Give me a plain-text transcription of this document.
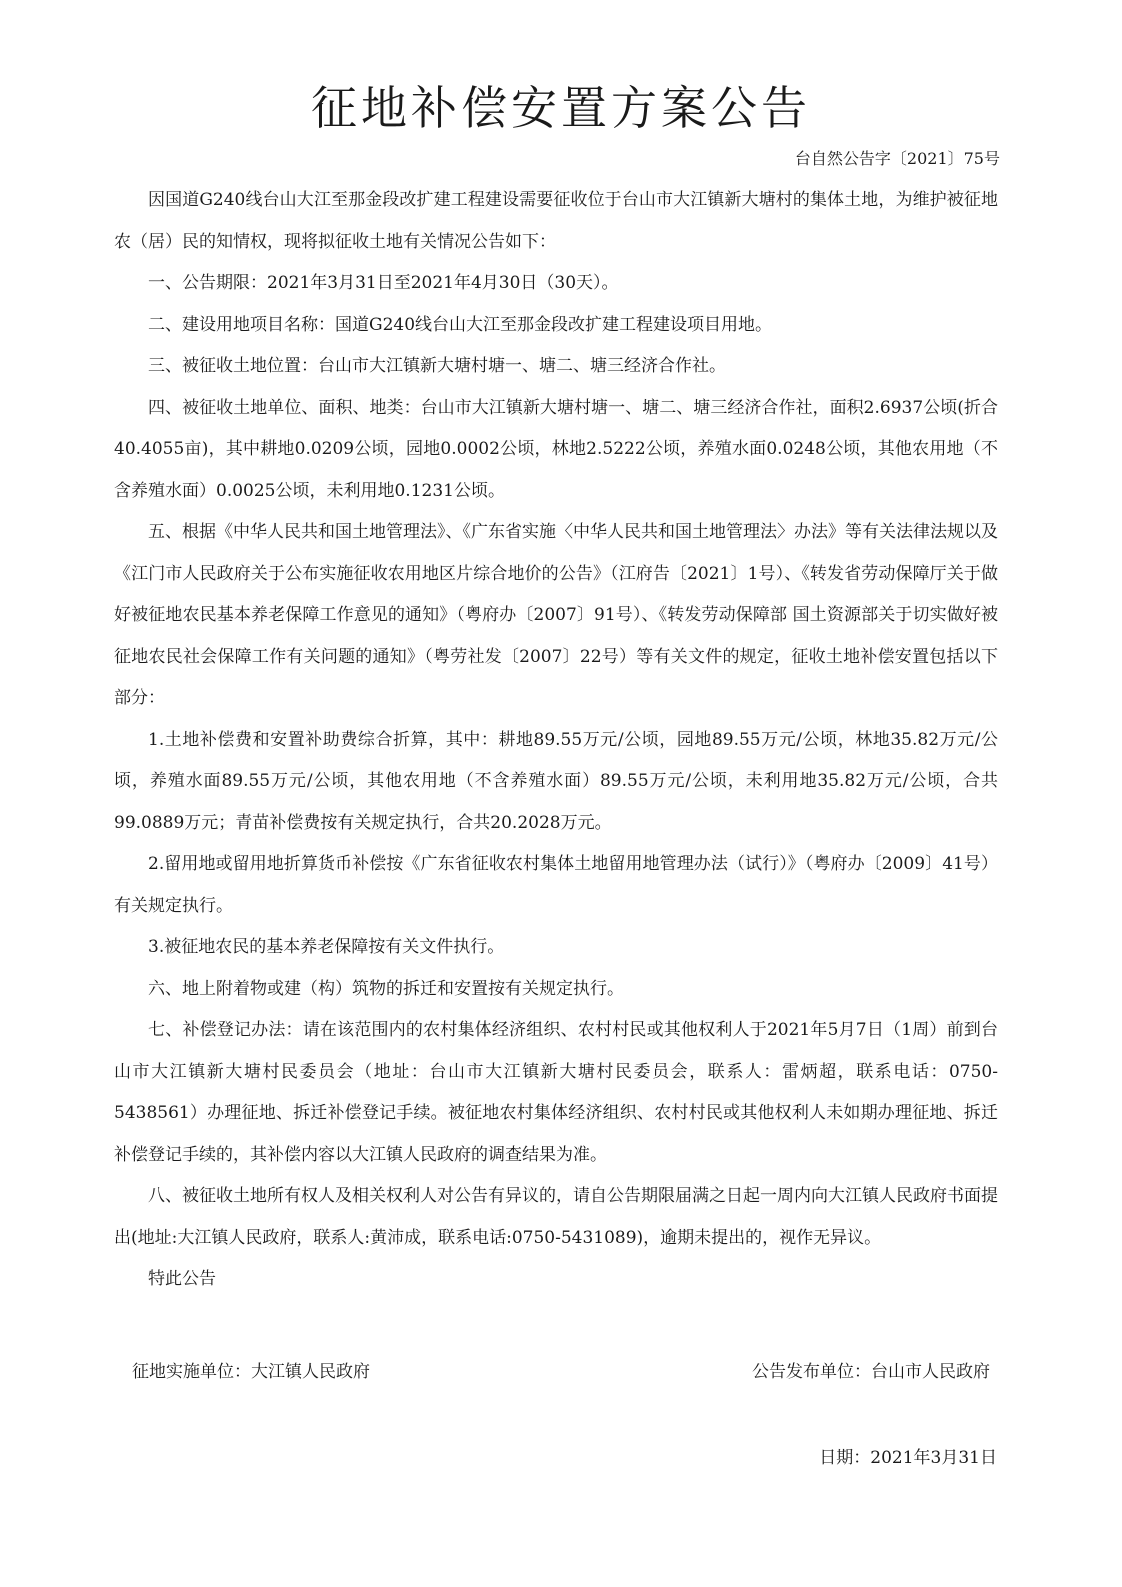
征地补偿安置方案公告

台自然公告字〔2021〕75号

因国道G240线台山大江至那金段改扩建工程建设需要征收位于台山市大江镇新大塘村的集体土地，为维护被征地农（居）民的知情权，现将拟征收土地有关情况公告如下：

一、公告期限：2021年3月31日至2021年4月30日（30天）。

二、建设用地项目名称：国道G240线台山大江至那金段改扩建工程建设项目用地。

三、被征收土地位置：台山市大江镇新大塘村塘一、塘二、塘三经济合作社。

四、被征收土地单位、面积、地类：台山市大江镇新大塘村塘一、塘二、塘三经济合作社，面积2.6937公顷(折合40.4055亩)，其中耕地0.0209公顷，园地0.0002公顷，林地2.5222公顷，养殖水面0.0248公顷，其他农用地（不含养殖水面）0.0025公顷，未利用地0.1231公顷。

五、根据《中华人民共和国土地管理法》、《广东省实施〈中华人民共和国土地管理法〉办法》等有关法律法规以及《江门市人民政府关于公布实施征收农用地区片综合地价的公告》（江府告〔2021〕1号）、《转发省劳动保障厅关于做好被征地农民基本养老保障工作意见的通知》（粤府办〔2007〕91号）、《转发劳动保障部 国土资源部关于切实做好被征地农民社会保障工作有关问题的通知》（粤劳社发〔2007〕22号）等有关文件的规定，征收土地补偿安置包括以下部分：

1.土地补偿费和安置补助费综合折算，其中：耕地89.55万元/公顷，园地89.55万元/公顷，林地35.82万元/公顷，养殖水面89.55万元/公顷，其他农用地（不含养殖水面）89.55万元/公顷，未利用地35.82万元/公顷，合共99.0889万元；青苗补偿费按有关规定执行，合共20.2028万元。

2.留用地或留用地折算货币补偿按《广东省征收农村集体土地留用地管理办法（试行）》（粤府办〔2009〕41号）有关规定执行。

3.被征地农民的基本养老保障按有关文件执行。

六、地上附着物或建（构）筑物的拆迁和安置按有关规定执行。

七、补偿登记办法：请在该范围内的农村集体经济组织、农村村民或其他权利人于2021年5月7日（1周）前到台山市大江镇新大塘村民委员会（地址：台山市大江镇新大塘村民委员会，联系人：雷炳超，联系电话：0750-5438561）办理征地、拆迁补偿登记手续。被征地农村集体经济组织、农村村民或其他权利人未如期办理征地、拆迁补偿登记手续的，其补偿内容以大江镇人民政府的调查结果为准。

八、被征收土地所有权人及相关权利人对公告有异议的，请自公告期限届满之日起一周内向大江镇人民政府书面提出(地址:大江镇人民政府，联系人:黄沛成，联系电话:0750-5431089)，逾期未提出的，视作无异议。

特此公告

征地实施单位：大江镇人民政府	公告发布单位：台山市人民政府

日期：2021年3月31日
